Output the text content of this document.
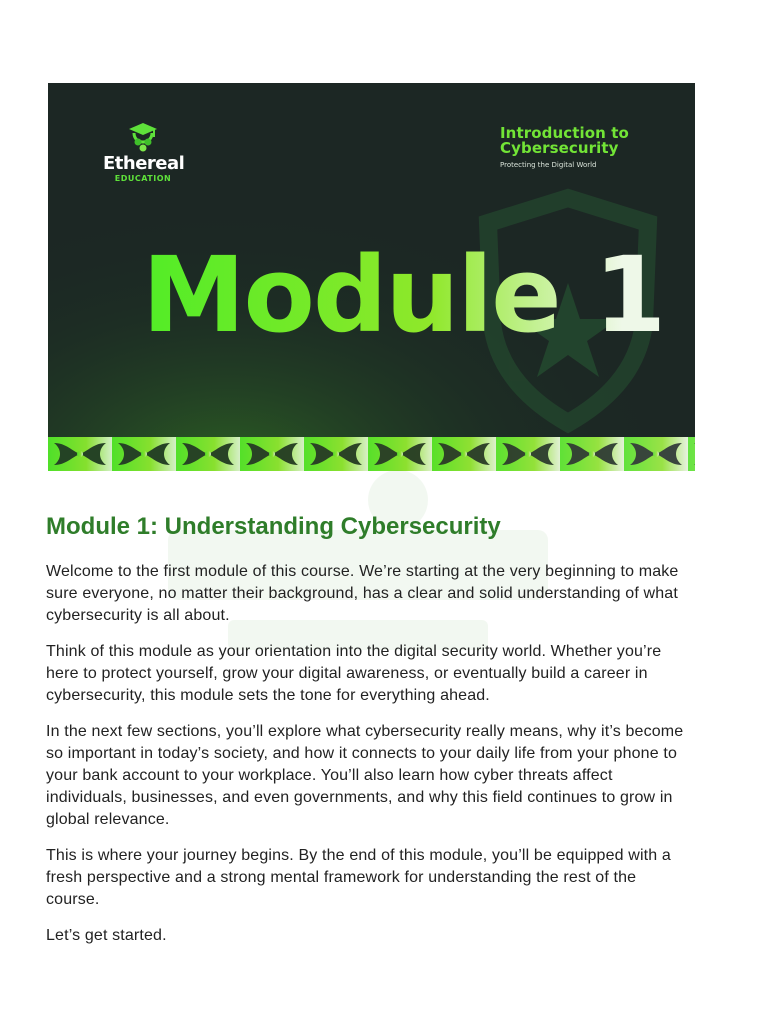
Ethereal
EDUCATION
Introduction to
Cybersecurity
Protecting the Digital World
Module 1
Module 1: Understanding Cybersecurity

Welcome to the first module of this course. We’re starting at the very beginning to make sure everyone, no matter their background, has a clear and solid understanding of what cybersecurity is all about.

Think of this module as your orientation into the digital security world. Whether you’re here to protect yourself, grow your digital awareness, or eventually build a career in cybersecurity, this module sets the tone for everything ahead.

In the next few sections, you’ll explore what cybersecurity really means, why it’s become so important in today’s society, and how it connects to your daily life from your phone to your bank account to your workplace. You’ll also learn how cyber threats affect individuals, businesses, and even governments, and why this field continues to grow in global relevance.

This is where your journey begins. By the end of this module, you’ll be equipped with a fresh perspective and a strong mental framework for understanding the rest of the course.

Let’s get started.
